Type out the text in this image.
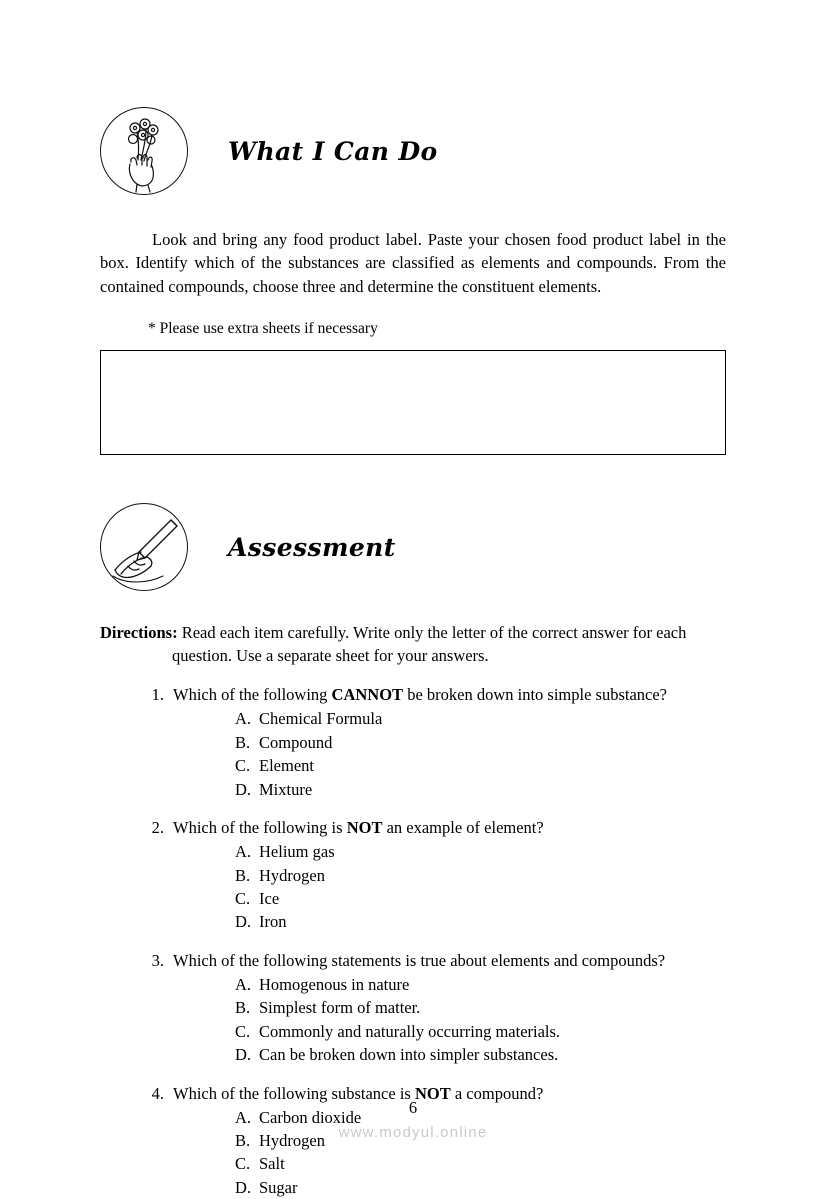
What I Can Do

Look and bring any food product label. Paste your chosen food product label in the box. Identify which of the substances are classified as elements and compounds. From the contained compounds, choose three and determine the constituent elements.

* Please use extra sheets if necessary
Assessment

Directions: Read each item carefully. Write only the letter of the correct answer for each
question. Use a separate sheet for your answers.

1. Which of the following CANNOT be broken down into simple substance?
A. Chemical Formula
B. Compound
C. Element
D. Mixture
2. Which of the following is NOT an example of element?
A. Helium gas
B. Hydrogen
C. Ice
D. Iron
3. Which of the following statements is true about elements and compounds?
A. Homogenous in nature
B. Simplest form of matter.
C. Commonly and naturally occurring materials.
D. Can be broken down into simpler substances.
4. Which of the following substance is NOT a compound?
A. Carbon dioxide
B. Hydrogen
C. Salt
D. Sugar
6
www.modyul.online
